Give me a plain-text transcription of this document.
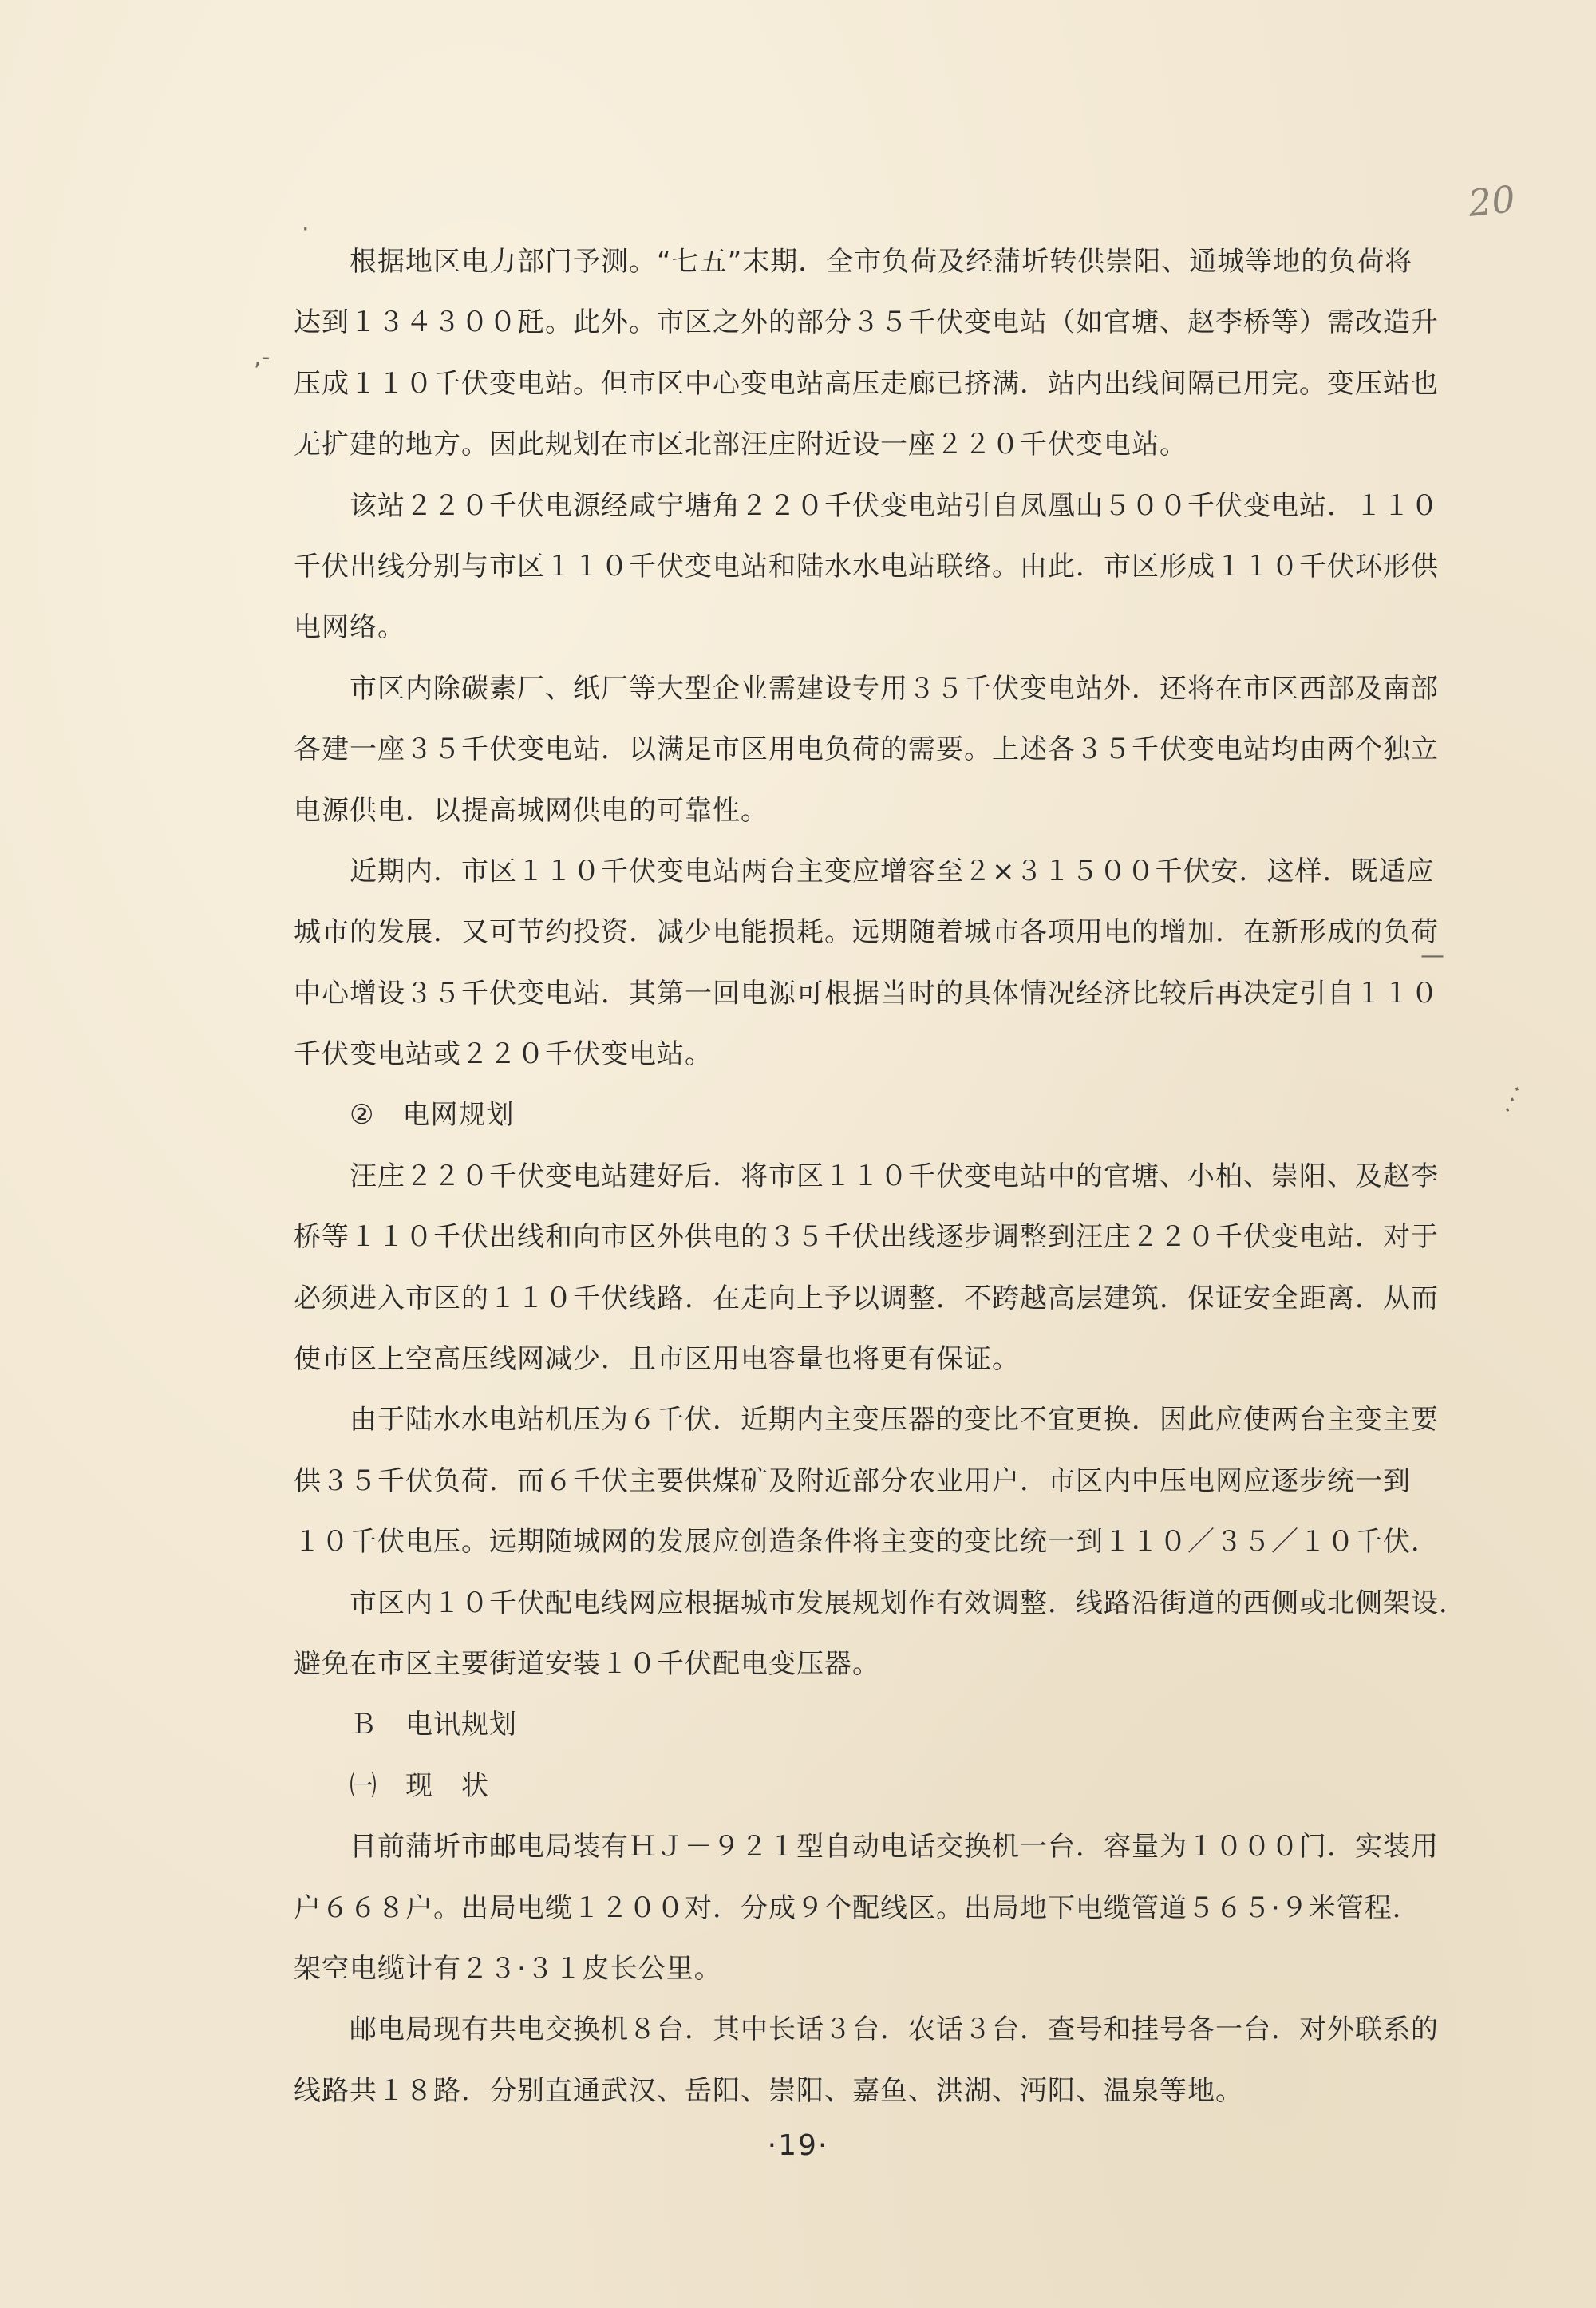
20
·
,-
⋰
—
根据地区电力部门予测。“七五”末期．全市负荷及经蒲圻转供崇阳、通城等地的负荷将
达到１３４３００瓩。此外。市区之外的部分３５千伏变电站（如官塘、赵李桥等）需改造升
压成１１０千伏变电站。但市区中心变电站高压走廊已挤满．站内出线间隔已用完。变压站也
无扩建的地方。因此规划在市区北部汪庄附近设一座２２０千伏变电站。
该站２２０千伏电源经咸宁塘角２２０千伏变电站引自凤凰山５００千伏变电站．１１０
千伏出线分别与市区１１０千伏变电站和陆水水电站联络。由此．市区形成１１０千伏环形供
电网络。
市区内除碳素厂、纸厂等大型企业需建设专用３５千伏变电站外．还将在市区西部及南部
各建一座３５千伏变电站．以满足市区用电负荷的需要。上述各３５千伏变电站均由两个独立
电源供电．以提高城网供电的可靠性。
近期内．市区１１０千伏变电站两台主变应增容至２×３１５００千伏安．这样．既适应
城市的发展．又可节约投资．减少电能损耗。远期随着城市各项用电的增加．在新形成的负荷
中心增设３５千伏变电站．其第一回电源可根据当时的具体情况经济比较后再决定引自１１０
千伏变电站或２２０千伏变电站。
②　电网规划
汪庄２２０千伏变电站建好后．将市区１１０千伏变电站中的官塘、小柏、崇阳、及赵李
桥等１１０千伏出线和向市区外供电的３５千伏出线逐步调整到汪庄２２０千伏变电站．对于
必须进入市区的１１０千伏线路．在走向上予以调整．不跨越高层建筑．保证安全距离．从而
使市区上空高压线网减少．且市区用电容量也将更有保证。
由于陆水水电站机压为６千伏．近期内主变压器的变比不宜更换．因此应使两台主变主要
供３５千伏负荷．而６千伏主要供煤矿及附近部分农业用户．市区内中压电网应逐步统一到
１０千伏电压。远期随城网的发展应创造条件将主变的变比统一到１１０／３５／１０千伏．
市区内１０千伏配电线网应根据城市发展规划作有效调整．线路沿街道的西侧或北侧架设．
避免在市区主要街道安装１０千伏配电变压器。
Ｂ　电讯规划
㈠　现　状
目前蒲圻市邮电局装有ＨＪ－９２１型自动电话交换机一台．容量为１０００门．实装用
户６６８户。出局电缆１２００对．分成９个配线区。出局地下电缆管道５６５·９米管程．
架空电缆计有２３·３１皮长公里。
邮电局现有共电交换机８台．其中长话３台．农话３台．查号和挂号各一台．对外联系的
线路共１８路．分别直通武汉、岳阳、崇阳、嘉鱼、洪湖、沔阳、温泉等地。
·19·
